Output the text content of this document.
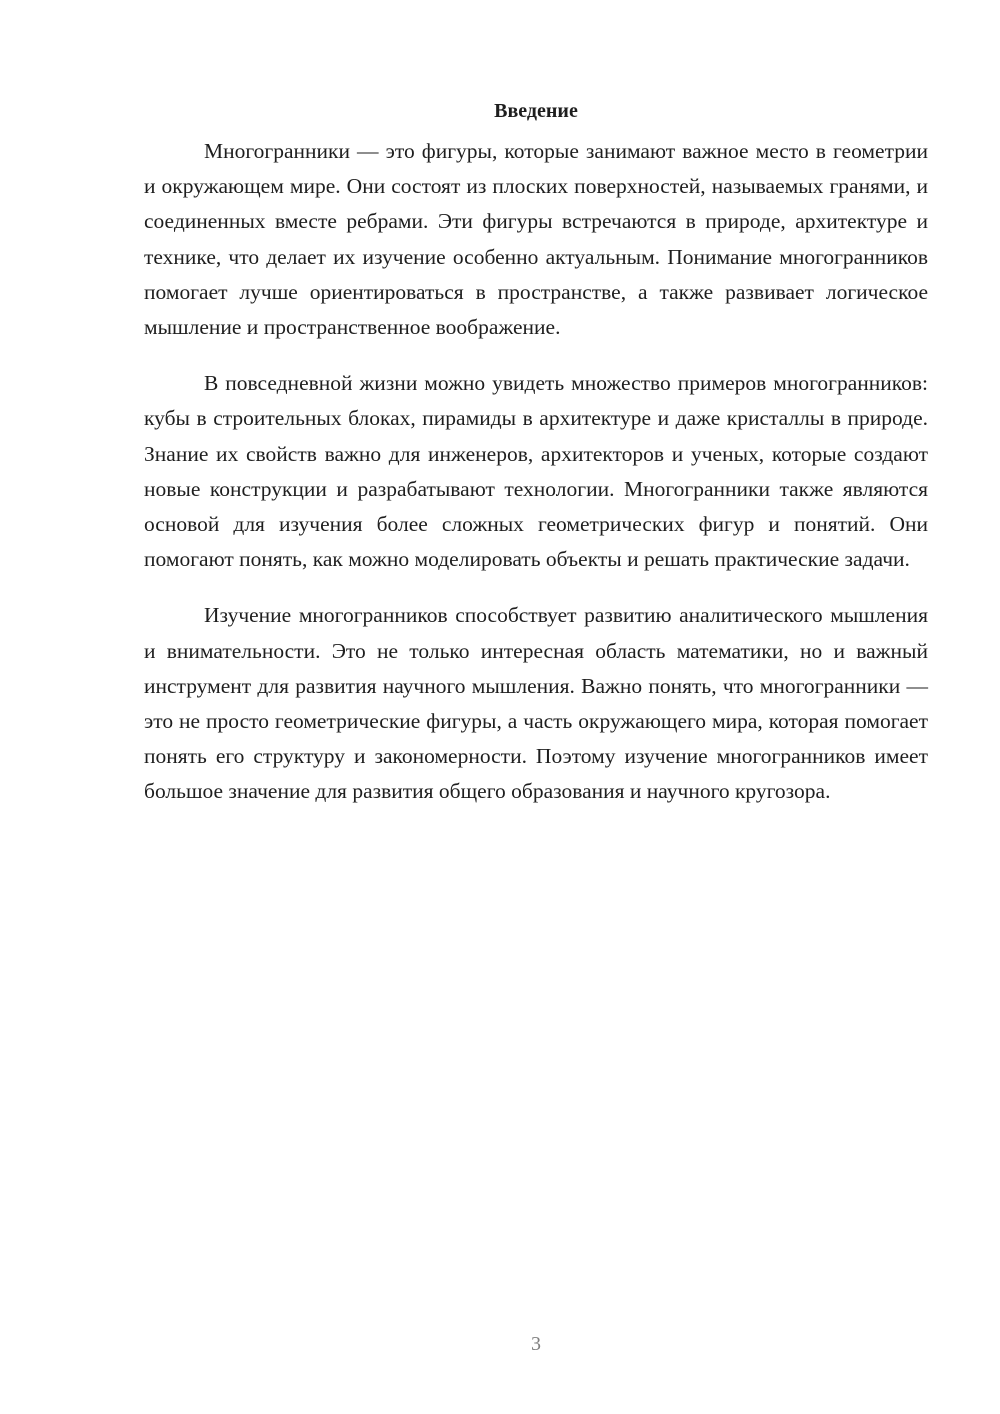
Введение

Многогранники — это фигуры, которые занимают важное место в геометрии и окружающем мире. Они состоят из плоских поверхностей, называемых гранями, и соединенных вместе ребрами. Эти фигуры встречаются в природе, архитектуре и технике, что делает их изучение особенно актуальным. Понимание многогранников помогает лучше ориентироваться в пространстве, а также развивает логическое мышление и пространственное воображение.

В повседневной жизни можно увидеть множество примеров многогранников: кубы в строительных блоках, пирамиды в архитектуре и даже кристаллы в природе. Знание их свойств важно для инженеров, архитекторов и ученых, которые создают новые конструкции и разрабатывают технологии. Многогранники также являются основой для изучения более сложных геометрических фигур и понятий. Они помогают понять, как можно моделировать объекты и решать практические задачи.

Изучение многогранников способствует развитию аналитического мышления и внимательности. Это не только интересная область математики, но и важный инструмент для развития научного мышления. Важно понять, что многогранники — это не просто геометрические фигуры, а часть окружающего мира, которая помогает понять его структуру и закономерности. Поэтому изучение многогранников имеет большое значение для развития общего образования и научного кругозора.

3
